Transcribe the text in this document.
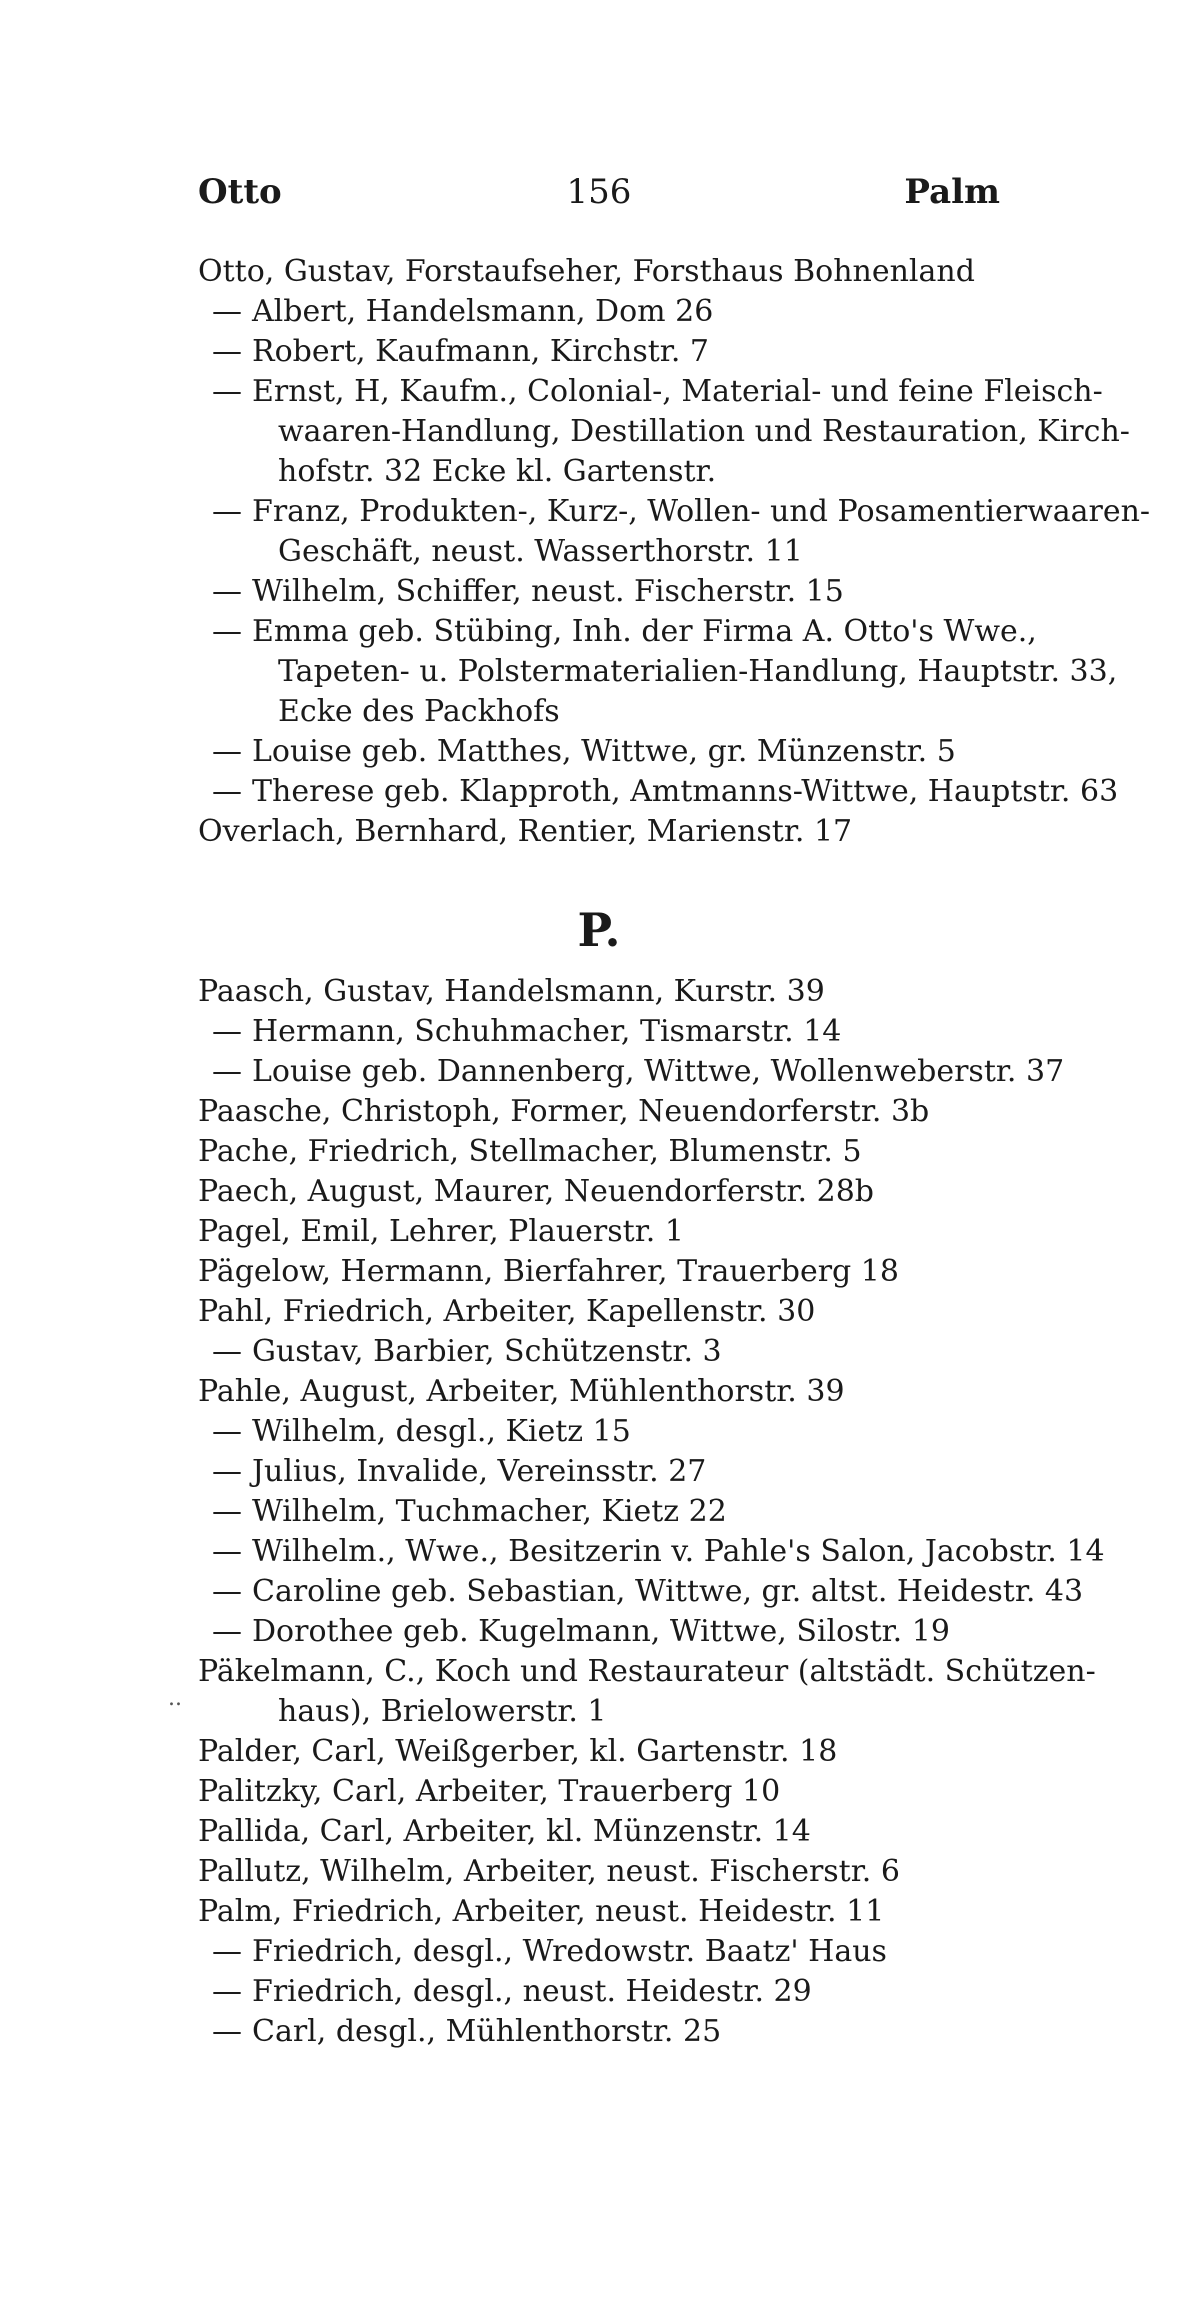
Otto	156	Palm
Otto, Gustav, Forstaufseher, Forsthaus Bohnenland
— Albert, Handelsmann, Dom 26
— Robert, Kaufmann, Kirchstr. 7
— Ernst, H, Kaufm., Colonial-, Material- und feine Fleisch-
waaren-Handlung, Destillation und Restauration, Kirch-
hofstr. 32 Ecke kl. Gartenstr.
— Franz, Produkten-, Kurz-, Wollen- und Posamentierwaaren-
Geschäft, neust. Wasserthorstr. 11
— Wilhelm, Schiffer, neust. Fischerstr. 15
— Emma geb. Stübing, Inh. der Firma A. Otto's Wwe.,
Tapeten- u. Polstermaterialien-Handlung, Hauptstr. 33,
Ecke des Packhofs
— Louise geb. Matthes, Wittwe, gr. Münzenstr. 5
— Therese geb. Klapproth, Amtmanns-Wittwe, Hauptstr. 63
Overlach, Bernhard, Rentier, Marienstr. 17
P.
Paasch, Gustav, Handelsmann, Kurstr. 39
— Hermann, Schuhmacher, Tismarstr. 14
— Louise geb. Dannenberg, Wittwe, Wollenweberstr. 37
Paasche, Christoph, Former, Neuendorferstr. 3b
Pache, Friedrich, Stellmacher, Blumenstr. 5
Paech, August, Maurer, Neuendorferstr. 28b
Pagel, Emil, Lehrer, Plauerstr. 1
Pägelow, Hermann, Bierfahrer, Trauerberg 18
Pahl, Friedrich, Arbeiter, Kapellenstr. 30
— Gustav, Barbier, Schützenstr. 3
Pahle, August, Arbeiter, Mühlenthorstr. 39
— Wilhelm, desgl., Kietz 15
— Julius, Invalide, Vereinsstr. 27
— Wilhelm, Tuchmacher, Kietz 22
— Wilhelm., Wwe., Besitzerin v. Pahle's Salon, Jacobstr. 14
— Caroline geb. Sebastian, Wittwe, gr. altst. Heidestr. 43
— Dorothee geb. Kugelmann, Wittwe, Silostr. 19
Päkelmann, C., Koch und Restaurateur (altstädt. Schützen-
haus), Brielowerstr. 1
Palder, Carl, Weißgerber, kl. Gartenstr. 18
Palitzky, Carl, Arbeiter, Trauerberg 10
Pallida, Carl, Arbeiter, kl. Münzenstr. 14
Pallutz, Wilhelm, Arbeiter, neust. Fischerstr. 6
Palm, Friedrich, Arbeiter, neust. Heidestr. 11
— Friedrich, desgl., Wredowstr. Baatz' Haus
— Friedrich, desgl., neust. Heidestr. 29
— Carl, desgl., Mühlenthorstr. 25
..
